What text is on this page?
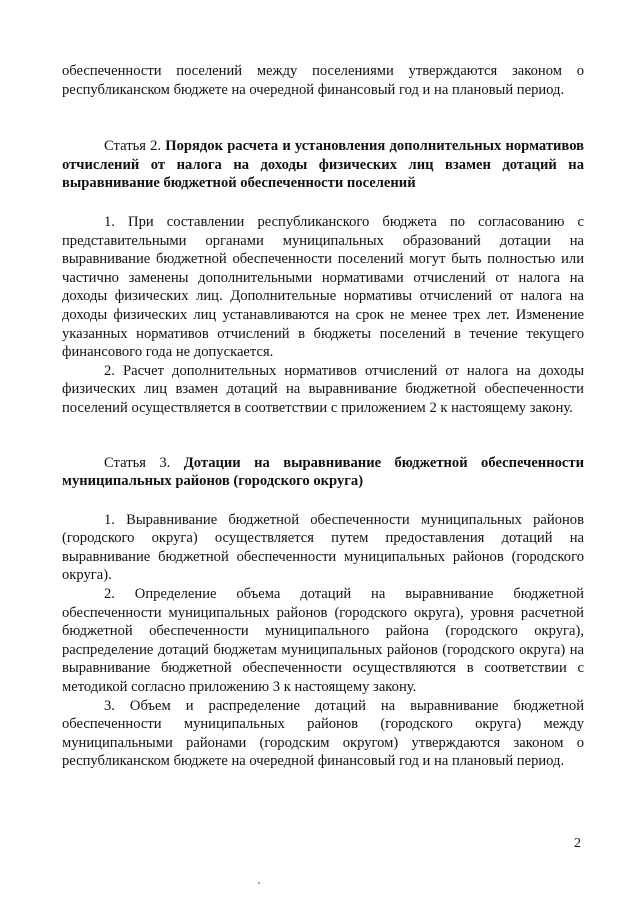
обеспеченности поселений между поселениями утверждаются законом о республиканском бюджете на очередной финансовый год и на плановый период.

Статья 2. Порядок расчета и установления дополнительных нормативов отчислений от налога на доходы физических лиц взамен дотаций на выравнивание бюджетной обеспеченности поселений

1. При составлении республиканского бюджета по согласованию с представительными органами муниципальных образований дотации на выравнивание бюджетной обеспеченности поселений могут быть полностью или частично заменены дополнительными нормативами отчислений от налога на доходы физических лиц. Дополнительные нормативы отчислений от налога на доходы физических лиц устанавливаются на срок не менее трех лет. Изменение указанных нормативов отчислений в бюджеты поселений в течение текущего финансового года не допускается.

2. Расчет дополнительных нормативов отчислений от налога на доходы физических лиц взамен дотаций на выравнивание бюджетной обеспеченности поселений осуществляется в соответствии с приложением 2 к настоящему закону.

Статья 3. Дотации на выравнивание бюджетной обеспеченности муниципальных районов (городского округа)

1. Выравнивание бюджетной обеспеченности муниципальных районов (городского округа) осуществляется путем предоставления дотаций на выравнивание бюджетной обеспеченности муниципальных районов (городского округа).

2. Определение объема дотаций на выравнивание бюджетной обеспеченности муниципальных районов (городского округа), уровня расчетной бюджетной обеспеченности муниципального района (городского округа), распределение дотаций бюджетам муниципальных районов (городского округа) на выравнивание бюджетной обеспеченности осуществляются в соответствии с методикой согласно приложению 3 к настоящему закону.

3. Объем и распределение дотаций на выравнивание бюджетной обеспеченности муниципальных районов (городского округа) между муниципальными районами (городским округом) утверждаются законом о республиканском бюджете на очередной финансовый год и на плановый период.

2
